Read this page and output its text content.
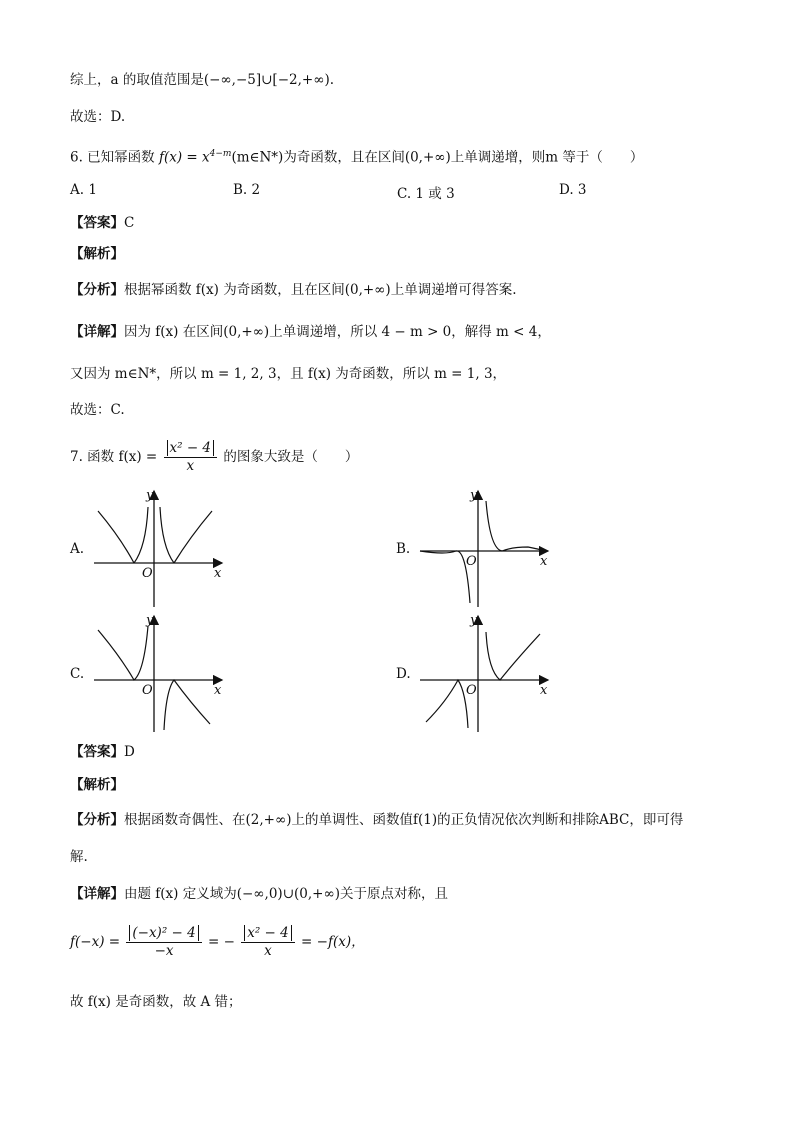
综上，a 的取值范围是(−∞,−5]∪[−2,+∞).
故选：D.
6. 已知幂函数 $f(x) = x^{4-m}(m\in N*)$为奇函数，且在区间(0,+∞)上单调递增，则m 等于（　　）
A. 1	B. 2	C. 1 或 3	D. 3
【答案】C
【解析】
【分析】根据幂函数 f(x) 为奇函数，且在区间(0,+∞)上单调递增可得答案.
【详解】因为 f(x) 在区间(0,+∞)上单调递增，所以 4 − m > 0，解得 m < 4，
又因为 m∈N*，所以 m = 1, 2, 3，且 f(x) 为奇函数，所以 m = 1, 3，
故选：C.
7. 函数 $f(x) = \frac{\text{x² − 4}}{x}$ 的图象大致是（　　）
A.	B.
C.	D.
O	x
y
O	x
y
O	x
y
O	x
y
【答案】D
【解析】
【分析】根据函数奇偶性、在(2,+∞)上的单调性、函数值f(1)的正负情况依次判断和排除ABC，即可得
解.
【详解】由题 f(x) 定义域为(−∞,0)∪(0,+∞)关于原点对称，且
$f(-x) = \frac{\text{(−x)² − 4}}{-x}$ = − $\frac{\text{x² − 4}}{x} = -f(x)$，
故 f(x) 是奇函数，故 A 错；
